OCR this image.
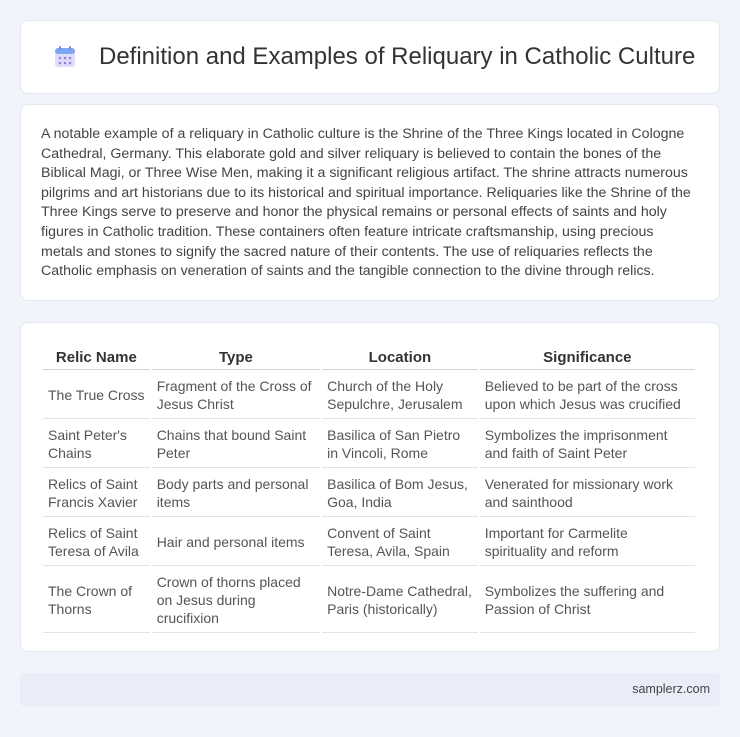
Definition and Examples of Reliquary in Catholic Culture

A notable example of a reliquary in Catholic culture is the Shrine of the Three Kings located in Cologne Cathedral, Germany. This elaborate gold and silver reliquary is believed to contain the bones of the Biblical Magi, or Three Wise Men, making it a significant religious artifact. The shrine attracts numerous pilgrims and art historians due to its historical and spiritual importance. Reliquaries like the Shrine of the Three Kings serve to preserve and honor the physical remains or personal effects of saints and holy figures in Catholic tradition. These containers often feature intricate craftsmanship, using precious metals and stones to signify the sacred nature of their contents. The use of reliquaries reflects the Catholic emphasis on veneration of saints and the tangible connection to the divine through relics.

Relic Name	Type	Location	Significance
The True Cross	Fragment of the Cross of Jesus Christ	Church of the Holy Sepulchre, Jerusalem	Believed to be part of the cross upon which Jesus was crucified
Saint Peter's Chains	Chains that bound Saint Peter	Basilica of San Pietro in Vincoli, Rome	Symbolizes the imprisonment and faith of Saint Peter
Relics of Saint Francis Xavier	Body parts and personal items	Basilica of Bom Jesus, Goa, India	Venerated for missionary work and sainthood
Relics of Saint Teresa of Avila	Hair and personal items	Convent of Saint Teresa, Avila, Spain	Important for Carmelite spirituality and reform
The Crown of Thorns	Crown of thorns placed on Jesus during crucifixion	Notre-Dame Cathedral, Paris (historically)	Symbolizes the suffering and Passion of Christ
samplerz.com
